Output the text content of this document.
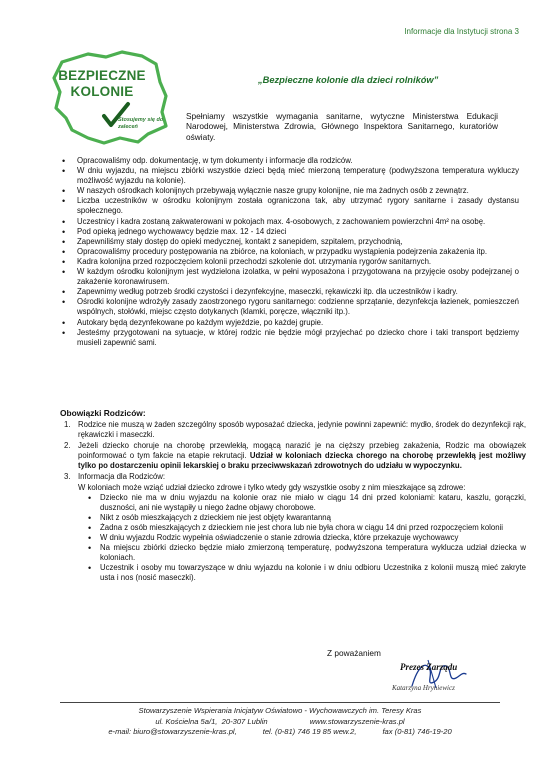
Informacje dla Instytucji strona 3
BEZPIECZNE
KOLONIE
Stosujemy się do zaleceń
„Bezpieczne kolonie dla dzieci rolników”
Spełniamy wszystkie wymagania sanitarne, wytyczne Ministerstwa Edukacji Narodowej, Ministerstwa Zdrowia, Głównego Inspektora Sanitarnego, kuratoriów oświaty.
• Opracowaliśmy odp. dokumentację, w tym dokumenty i informacje dla rodziców.
• W dniu wyjazdu, na miejscu zbiórki wszystkie dzieci będą mieć mierzoną temperaturę (podwyższona temperatura wykluczy możliwość wyjazdu na kolonie).
• W naszych ośrodkach kolonijnych przebywają wyłącznie nasze grupy kolonijne, nie ma żadnych osób z zewnątrz.
• Liczba uczestników w ośrodku kolonijnym została ograniczona tak, aby utrzymać rygory sanitarne i zasady dystansu społecznego.
• Uczestnicy i kadra zostaną zakwaterowani w pokojach max. 4-osobowych, z zachowaniem powierzchni 4m² na osobę.
• Pod opieką jednego wychowawcy będzie max. 12 - 14 dzieci
• Zapewniliśmy stały dostęp do opieki medycznej, kontakt z sanepidem, szpitalem, przychodnią,
• Opracowaliśmy procedury postępowania na zbiórce, na koloniach, w przypadku wystąpienia podejrzenia zakażenia itp.
• Kadra kolonijna przed rozpoczęciem kolonii przechodzi szkolenie dot. utrzymania rygorów sanitarnych.
• W każdym ośrodku kolonijnym jest wydzielona izolatka, w pełni wyposażona i przygotowana na przyjęcie osoby podejrzanej o zakażenie koronawirusem.
• Zapewnimy według potrzeb środki czystości i dezynfekcyjne, maseczki, rękawiczki itp. dla uczestników i kadry.
• Ośrodki kolonijne wdrożyły zasady zaostrzonego rygoru sanitarnego: codzienne sprzątanie, dezynfekcja łazienek, pomieszczeń wspólnych, stołówki, miejsc często dotykanych (klamki, poręcze, włączniki itp.).
• Autokary będą dezynfekowane po każdym wyjeździe, po każdej grupie.
• Jesteśmy przygotowani na sytuacje, w której rodzic nie będzie mógł przyjechać po dziecko chore i taki transport będziemy musieli zapewnić sami.
Obowiązki Rodziców:
1. Rodzice nie muszą w żaden szczególny sposób wyposażać dziecka, jedynie powinni zapewnić: mydło, środek do dezynfekcji rąk, rękawiczki i maseczki.
2. Jeżeli dziecko choruje na chorobę przewlekłą, mogącą narazić je na cięższy przebieg zakażenia, Rodzic ma obowiązek poinformować o tym fakcie na etapie rekrutacji. Udział w koloniach dziecka chorego na chorobę przewlekłą jest możliwy tylko po dostarczeniu opinii lekarskiej o braku przeciwwskazań zdrowotnych do udziału w wypoczynku.
3. Informacja dla Rodziców:
W koloniach może wziąć udział dziecko zdrowe i tylko wtedy gdy wszystkie osoby z nim mieszkające są zdrowe:
• Dziecko nie ma w dniu wyjazdu na kolonie oraz nie miało w ciągu 14 dni przed koloniami: kataru, kaszlu, gorączki, duszności, ani nie wystąpiły u niego żadne objawy chorobowe.
• Nikt z osób mieszkających z dzieckiem nie jest objęty kwarantanną
• Żadna z osób mieszkających z dzieckiem nie jest chora lub nie była chora w ciągu 14 dni przed rozpoczęciem kolonii
• W dniu wyjazdu Rodzic wypełnia oświadczenie o stanie zdrowia dziecka, które przekazuje wychowawcy
• Na miejscu zbiórki dziecko będzie miało zmierzoną temperaturę, podwyższona temperatura wyklucza udział dziecka w koloniach.
• Uczestnik i osoby mu towarzyszące w dniu wyjazdu na kolonie i w dniu odbioru Uczestnika z kolonii muszą mieć zakryte usta i nos (nosić maseczki).
Z poważaniem
Prezes Zarządu
Katarzyna Hryniewicz
Stowarzyszenie Wspierania Inicjatyw Oświatowo - Wychowawczych im. Teresy Kras
ul. Kościelna 5a/1,  20-307 Lublin	www.stowarzyszenie-kras.pl
e-mail: biuro@stowarzyszenie-kras.pl,	tel. (0-81) 746 19 85 wew.2,	fax (0-81) 746-19-20
